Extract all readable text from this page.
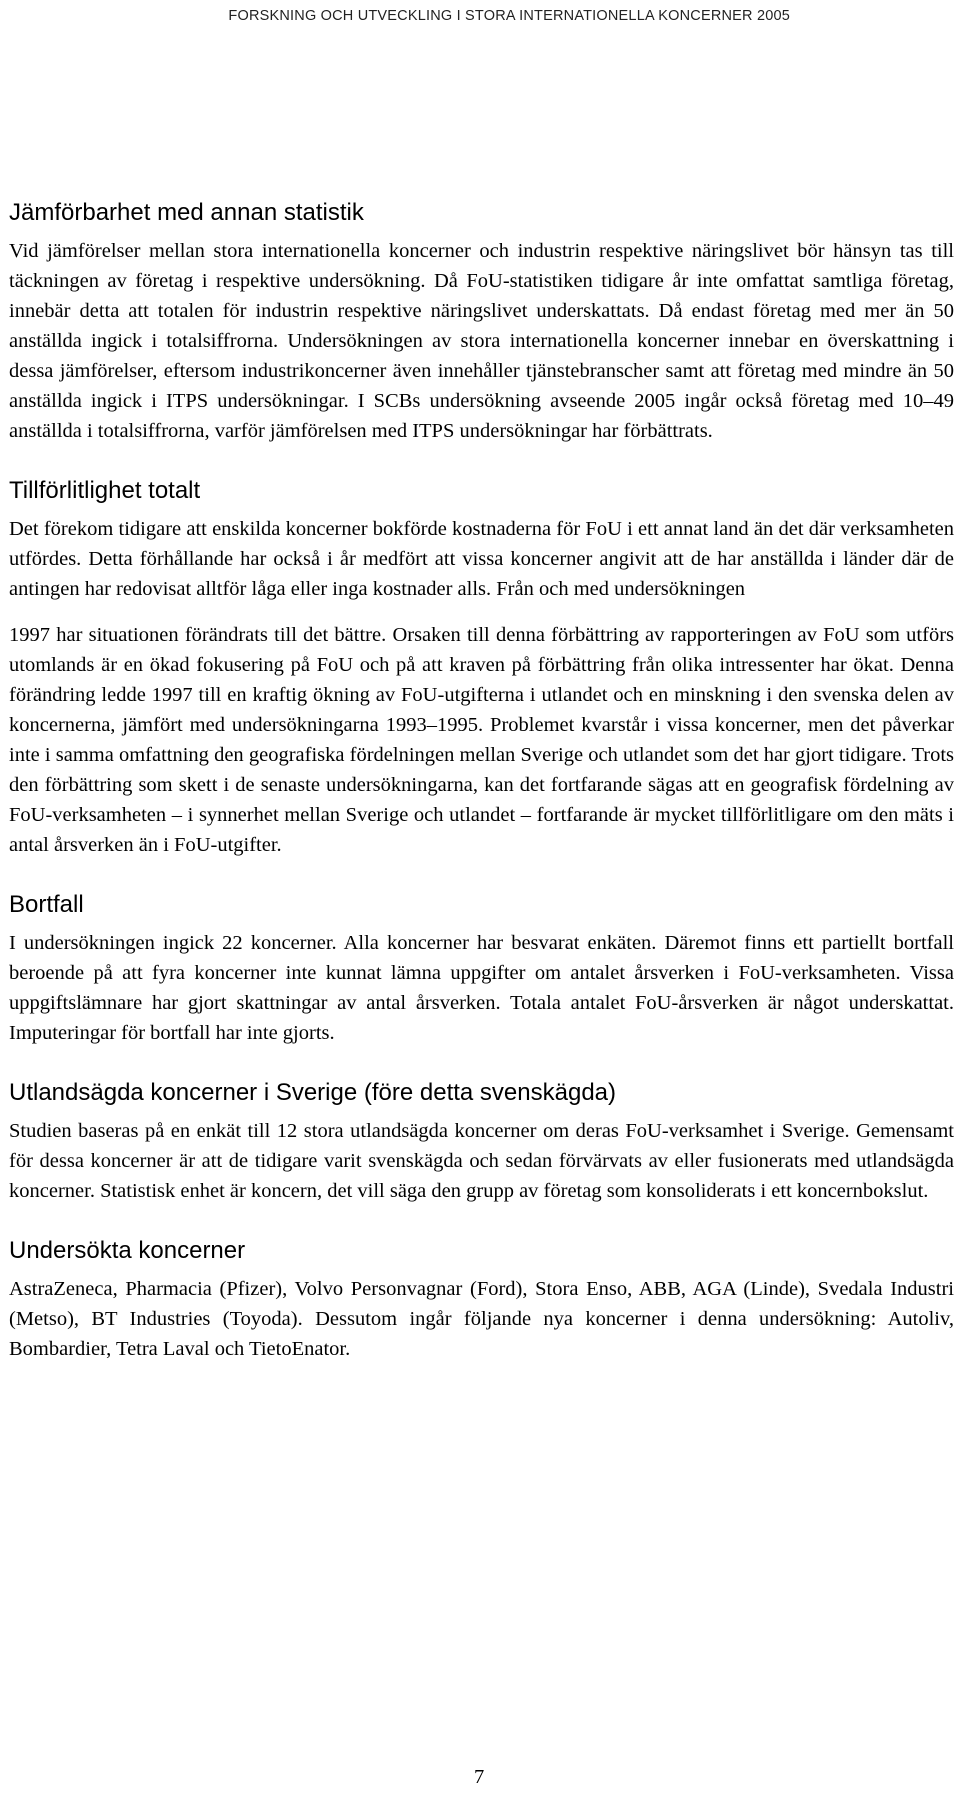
FORSKNING OCH UTVECKLING I STORA INTERNATIONELLA KONCERNER 2005
Jämförbarhet med annan statistik

Vid jämförelser mellan stora internationella koncerner och industrin respektive näringslivet bör hänsyn tas till täckningen av företag i respektive undersökning. Då FoU-statistiken tidigare år inte omfattat samtliga företag, innebär detta att totalen för industrin respektive näringslivet underskattats. Då endast företag med mer än 50 anställda ingick i totalsiffrorna. Undersökningen av stora internationella koncerner innebar en överskattning i dessa jämförelser, eftersom industrikoncerner även innehåller tjänstebranscher samt att företag med mindre än 50 anställda ingick i ITPS undersökningar. I SCBs undersökning avseende 2005 ingår också företag med 10–49 anställda i totalsiffrorna, varför jämförelsen med ITPS undersökningar har förbättrats.

Tillförlitlighet totalt

Det förekom tidigare att enskilda koncerner bokförde kostnaderna för FoU i ett annat land än det där verksamheten utfördes. Detta förhållande har också i år medfört att vissa koncerner angivit att de har anställda i länder där de antingen har redovisat alltför låga eller inga kostnader alls. Från och med undersökningen

1997 har situationen förändrats till det bättre. Orsaken till denna förbättring av rapporteringen av FoU som utförs utomlands är en ökad fokusering på FoU och på att kraven på förbättring från olika intressenter har ökat. Denna förändring ledde 1997 till en kraftig ökning av FoU-utgifterna i utlandet och en minskning i den svenska delen av koncernerna, jämfört med undersökningarna 1993–1995. Problemet kvarstår i vissa koncerner, men det påverkar inte i samma omfattning den geografiska fördelningen mellan Sverige och utlandet som det har gjort tidigare. Trots den förbättring som skett i de senaste undersökningarna, kan det fortfarande sägas att en geografisk fördelning av FoU-verksamheten – i synnerhet mellan Sverige och utlandet – fortfarande är mycket tillförlitligare om den mäts i antal årsverken än i FoU-utgifter.

Bortfall

I undersökningen ingick 22 koncerner. Alla koncerner har besvarat enkäten. Däremot finns ett partiellt bortfall beroende på att fyra koncerner inte kunnat lämna uppgifter om antalet årsverken i FoU-verksamheten. Vissa uppgiftslämnare har gjort skattningar av antal årsverken. Totala antalet FoU-årsverken är något underskattat. Imputeringar för bortfall har inte gjorts.

Utlandsägda koncerner i Sverige (före detta svenskägda)

Studien baseras på en enkät till 12 stora utlandsägda koncerner om deras FoU-verksamhet i Sverige. Gemensamt för dessa koncerner är att de tidigare varit svenskägda och sedan förvärvats av eller fusionerats med utlandsägda koncerner. Statistisk enhet är koncern, det vill säga den grupp av företag som konsoliderats i ett koncernbokslut.

Undersökta koncerner

AstraZeneca, Pharmacia (Pfizer), Volvo Personvagnar (Ford), Stora Enso, ABB, AGA (Linde), Svedala Industri (Metso), BT Industries (Toyoda). Dessutom ingår följande nya koncerner i denna undersökning: Autoliv, Bombardier, Tetra Laval och TietoEnator.

7
